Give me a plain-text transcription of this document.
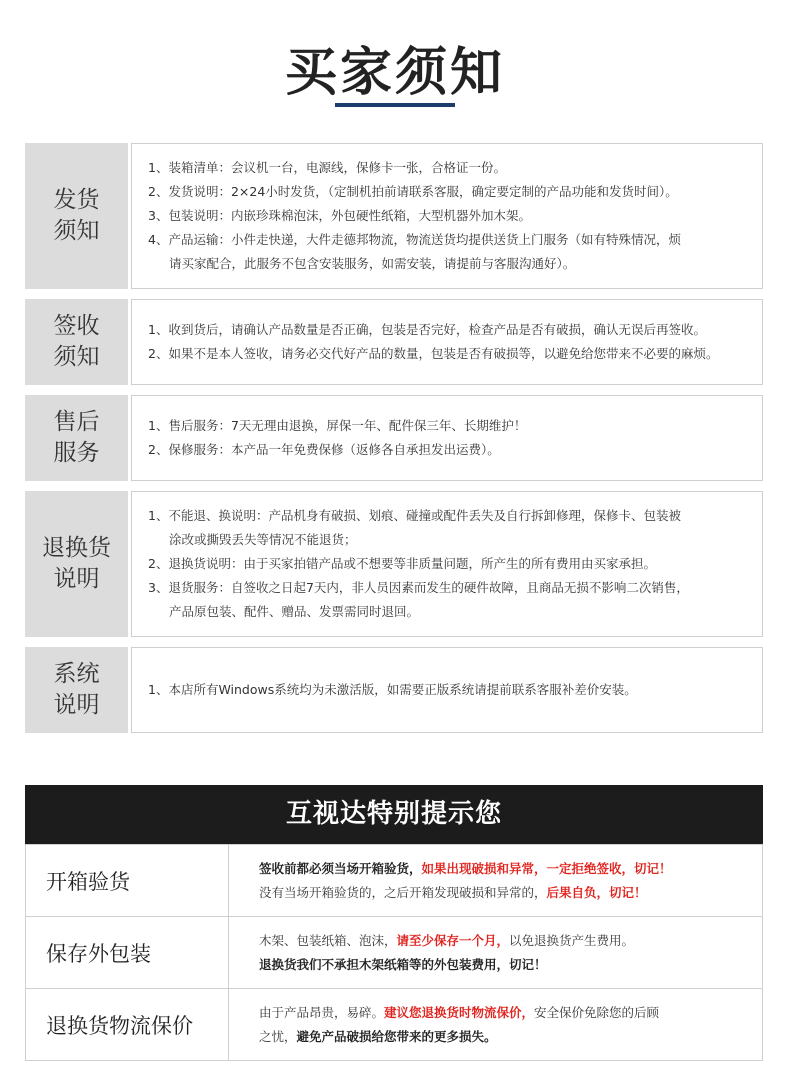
买家须知
发货
须知
1、装箱清单：会议机一台，电源线，保修卡一张，合格证一份。
2、发货说明：2×24小时发货，（定制机拍前请联系客服，确定要定制的产品功能和发货时间）。
3、包装说明：内嵌珍珠棉泡沫，外包硬性纸箱，大型机器外加木架。
4、产品运输：小件走快递，大件走德邦物流，物流送货均提供送货上门服务（如有特殊情况，烦
请买家配合，此服务不包含安装服务，如需安装，请提前与客服沟通好）。
签收
须知
1、收到货后，请确认产品数量是否正确，包装是否完好，检查产品是否有破损，确认无误后再签收。
2、如果不是本人签收，请务必交代好产品的数量，包装是否有破损等，以避免给您带来不必要的麻烦。
售后
服务
1、售后服务：7天无理由退换，屏保一年、配件保三年、长期维护！
2、保修服务：本产品一年免费保修（返修各自承担发出运费）。
退换货
说明
1、不能退、换说明：产品机身有破损、划痕、碰撞或配件丢失及自行拆卸修理，保修卡、包装被
涂改或撕毁丢失等情况不能退货；
2、退换货说明：由于买家拍错产品或不想要等非质量问题，所产生的所有费用由买家承担。
3、退货服务：自签收之日起7天内，非人员因素而发生的硬件故障，且商品无损不影响二次销售，
产品原包装、配件、赠品、发票需同时退回。
系统
说明
1、本店所有Windows系统均为未激活版，如需要正版系统请提前联系客服补差价安装。
互视达特别提示您
开箱验货
签收前都必须当场开箱验货，如果出现破损和异常，一定拒绝签收，切记！
没有当场开箱验货的，之后开箱发现破损和异常的，后果自负，切记！
保存外包装
木架、包装纸箱、泡沫，请至少保存一个月，以免退换货产生费用。
退换货我们不承担木架纸箱等的外包装费用，切记！
退换货物流保价
由于产品昂贵，易碎。建议您退换货时物流保价，安全保价免除您的后顾
之忧，避免产品破损给您带来的更多损失。
